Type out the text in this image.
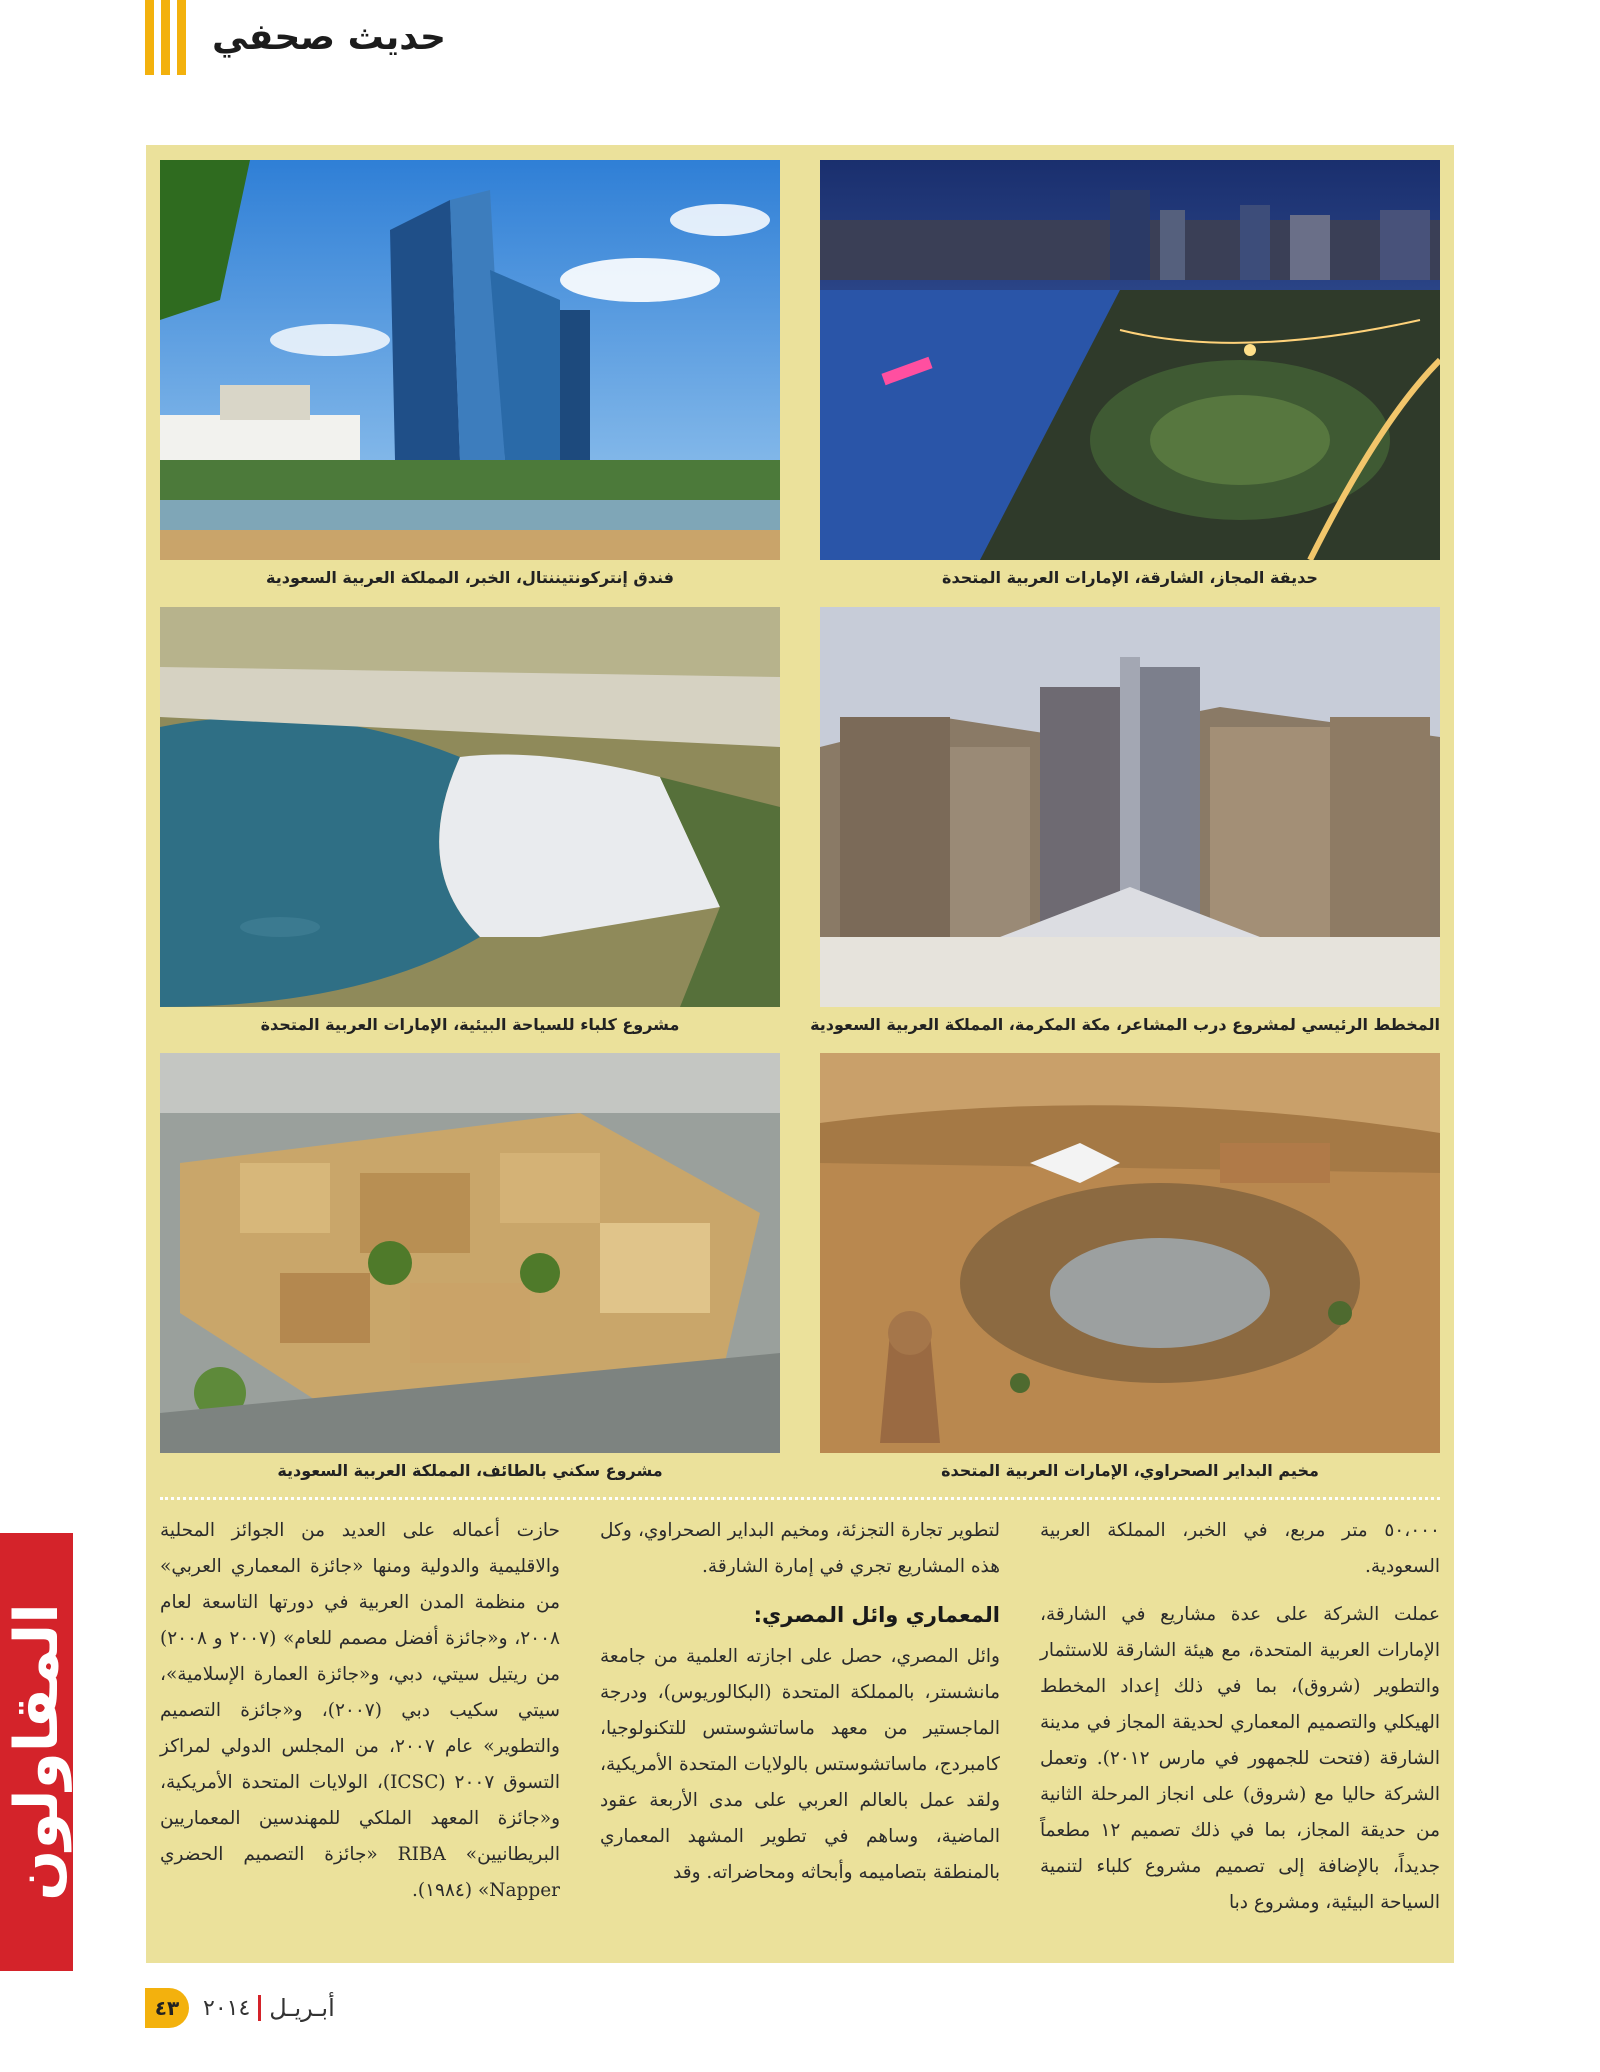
حديث صحفي
حديقة المجاز، الشارقة، الإمارات العربية المتحدة
فندق إنتركونتيننتال، الخبر، المملكة العربية السعودية
المخطط الرئيسي لمشروع درب المشاعر، مكة المكرمة، المملكة العربية السعودية
مشروع كلباء للسياحة البيئية، الإمارات العربية المتحدة
مخيم البداير الصحراوي، الإمارات العربية المتحدة
مشروع سكني بالطائف، المملكة العربية السعودية

٥٠،٠٠٠ متر مربع، في الخبر، المملكة العربية السعودية.

عملت الشركة على عدة مشاريع في الشارقة، الإمارات العربية المتحدة، مع هيئة الشارقة للاستثمار والتطوير (شروق)، بما في ذلك إعداد المخطط الهيكلي والتصميم المعماري لحديقة المجاز في مدينة الشارقة (فتحت للجمهور في مارس ٢٠١٢). وتعمل الشركة حاليا مع (شروق) على انجاز المرحلة الثانية من حديقة المجاز، بما في ذلك تصميم ١٢ مطعماً جديداً، بالإضافة إلى تصميم مشروع كلباء لتنمية السياحة البيئية، ومشروع دبا

لتطوير تجارة التجزئة، ومخيم البداير الصحراوي، وكل هذه المشاريع تجري في إمارة الشارقة.

المعماري وائل المصري:

وائل المصري، حصل على اجازته العلمية من جامعة مانشستر، بالمملكة المتحدة (البكالوريوس)، ودرجة الماجستير من معهد ماساتشوستس للتكنولوجيا، كامبردج، ماساتشوستس بالولايات المتحدة الأمريكية، ولقد عمل بالعالم العربي على مدى الأربعة عقود الماضية، وساهم في تطوير المشهد المعماري بالمنطقة بتصاميمه وأبحاثه ومحاضراته. وقد

حازت أعماله على العديد من الجوائز المحلية والاقليمية والدولية ومنها «جائزة المعماري العربي» من منظمة المدن العربية في دورتها التاسعة لعام ٢٠٠٨، و«جائزة أفضل مصمم للعام» (٢٠٠٧ و ٢٠٠٨) من ريتيل سيتي، دبي، و«جائزة العمارة الإسلامية»، سيتي سكيب دبي (٢٠٠٧)، و«جائزة التصميم والتطوير» عام ٢٠٠٧، من المجلس الدولي لمراكز التسوق ٢٠٠٧ (ICSC)، الولايات المتحدة الأمريكية، و«جائزة المعهد الملكي للمهندسين المعماريين البريطانيين» RIBA «جائزة التصميم الحضري Napper» (١٩٨٤).

المقاولون
٤٣	٢٠١٤ أبـريـل
